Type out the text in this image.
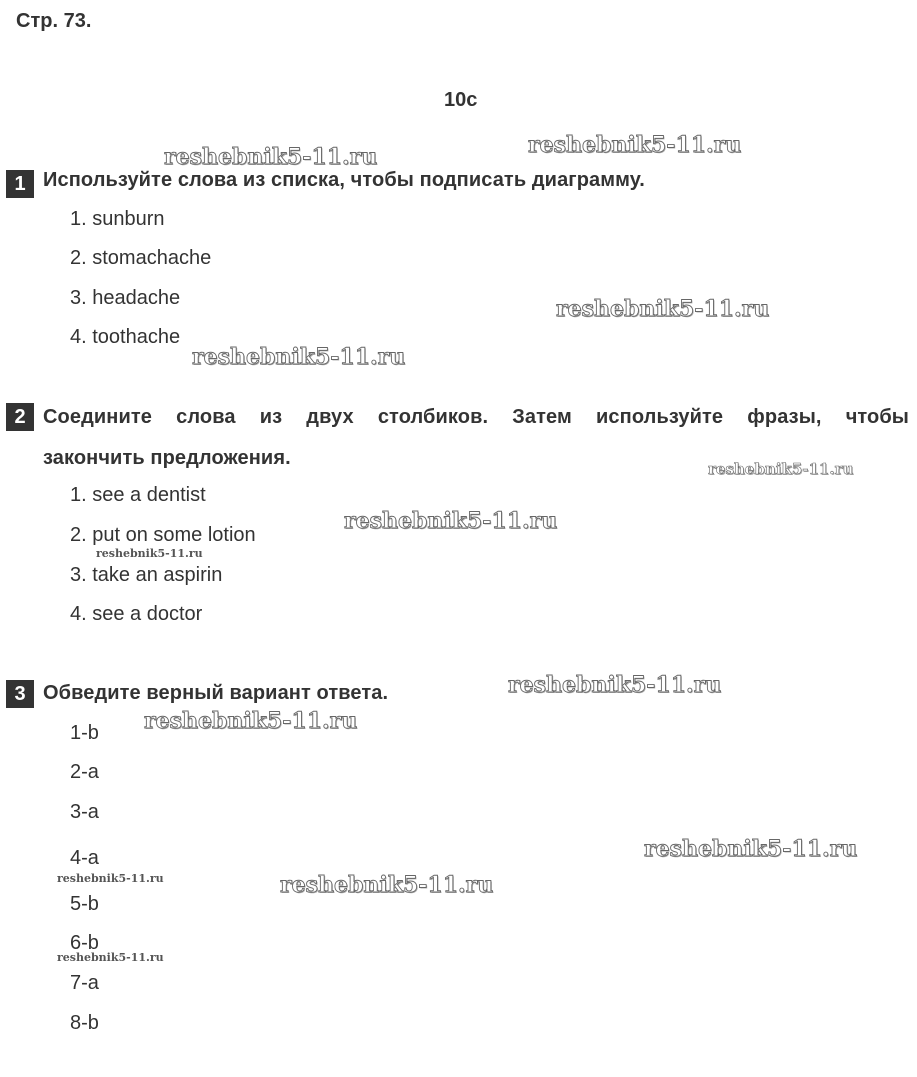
Стр. 73.
10c
1 Используйте слова из списка, чтобы подписать диаграмму.
1. sunburn
2. stomachache
3. headache
4. toothache
2 Соедините слова из двух столбиков. Затем используйте фразы, чтобы
закончить предложения.
1. see a dentist
2. put on some lotion
3. take an aspirin
4. see a doctor
3 Обведите верный вариант ответа.
1-b
2-a
3-a
4-a
5-b
6-b
7-a
8-b
reshebnik5-11.ru	reshebnik5-11.ru
reshebnik5-11.ru
reshebnik5-11.ru
reshebnik5-11.ru
reshebnik5-11.ru
reshebnik5-11.ru
reshebnik5-11.ru
reshebnik5-11.ru
reshebnik5-11.ru
reshebnik5-11.ru	reshebnik5-11.ru
reshebnik5-11.ru
